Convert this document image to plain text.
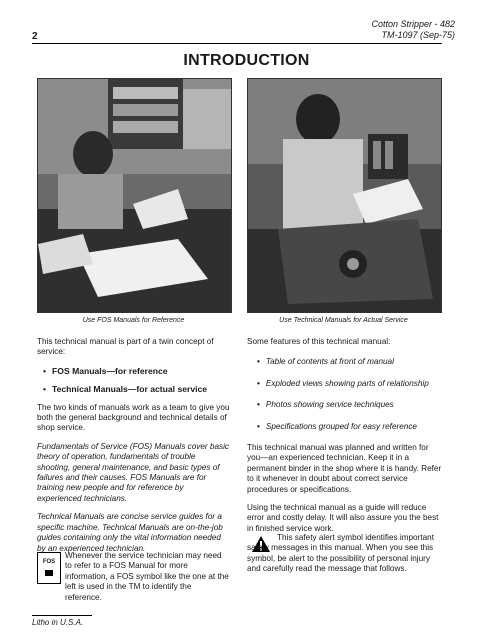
Cotton Stripper - 482
TM-1097 (Sep-75)
2
INTRODUCTION
Use FOS Manuals for Reference	Use Technical Manuals for Actual Service

This technical manual is part of a twin concept of service:

• FOS Manuals—for reference
• Technical Manuals—for actual service

The two kinds of manuals work as a team to give you both the general background and technical details of shop service.

Fundamentals of Service (FOS) Manuals cover basic theory of operation, fundamentals of trouble shooting, general maintenance, and basic types of failures and their causes. FOS Manuals are for training new people and for reference by experienced technicians.

Technical Manuals are concise service guides for a specific machine. Technical Manuals are on-the-job guides containing only the vital information needed by an experienced technician.

FOS
Whenever the service technician may need to refer to a FOS Manual for more information, a FOS symbol like the one at the left is used in the TM to identify the reference.

Some features of this technical manual:

• Table of contents at front of manual
• Exploded views showing parts of relationship
• Photos showing service techniques
• Specifications grouped for easy reference

This technical manual was planned and written for you—an experienced technician. Keep it in a permanent binder in the shop where it is handy. Refer to it whenever in doubt about correct service procedures or specifications.

Using the technical manual as a guide will reduce error and costly delay. It will also assure you the best in finished service work.

This safety alert symbol identifies important safety messages in this manual. When you see this symbol, be alert to the possibility of personal injury and carefully read the message that follows.
Litho in U.S.A.
